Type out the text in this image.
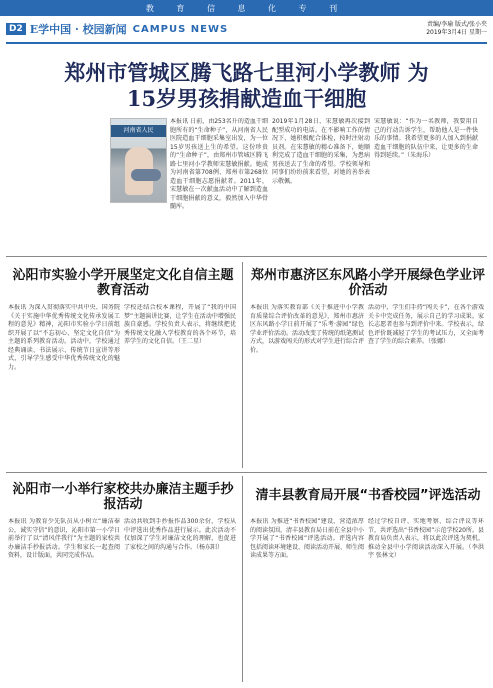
教 育 信 息 化 专 刊
D2 E学中国 · 校园新闻 CAMPUS NEWS	责编/李瑜 版式/张小夹
2019年3月4日 星期一
郑州市管城区腾飞路七里河小学教师 为15岁男孩捐献造血干细胞
河南省人民
本报讯 日前，由253名升的造血干细胞所有的“生命种子”，从河南省人民医院造血干细胞采集室出发，为一位15岁男孩送上生的希望。这份珍贵的“生命种子”，由郑州市管城区腾飞路七里河小学教师宋慧敏捐献。她成为河南省第708例、郑州市第268位造血干细胞志愿捐献者。2011年，宋慧敏在一次献血活动中了解到造血干细胞捐献的意义，毅然加入中华骨髓库。
2019年1月28日，宋慧敏再次接到配型成功的电话。在不影响工作的情况下，她积极配合体检，按时注射动员剂。在宋慧敏的精心准备下，她顺利完成了造血干细胞的采集，为患病男孩送去了生命的希望。学校领导和同事们纷纷前来看望，对她的善举表示敬佩。
宋慧敏说：“作为一名教师，我要用自己的行动告诉学生，帮助他人是一件快乐的事情。我希望更多的人加入到捐献造血干细胞的队伍中来，让更多的生命得到延续。”（朱海乐）
沁阳市实验小学开展坚定文化自信主题教育活动
本报讯 为深入贯彻落实中共中央、国务院《关于实施中华优秀传统文化传承发展工程的意见》精神，沁阳市实验小学日前组织开展了以“不忘初心、坚定文化自信”为主题的系列教育活动。活动中，学校通过经典诵读、书法展示、传统节日宣讲等形式，引导学生感受中华优秀传统文化的魅力。
学校还结合校本课程，开展了“我的中国梦”主题演讲比赛，让学生在活动中增强民族自豪感。学校负责人表示，将继续把优秀传统文化融入学校教育的各个环节，培养学生的文化自信。（王二星）
郑州市惠济区东风路小学开展绿色学业评价活动
本报讯 为落实教育部《关于推进中小学教育质量综合评价改革的意见》，郑州市惠济区东风路小学日前开展了“乐考·游园”绿色学业评价活动。活动改变了传统的纸笔测试方式，以游戏闯关的形式对学生进行综合评价。
活动中，学生们手持“闯关卡”，在各个游戏关卡中完成任务，展示自己的学习成果。家长志愿者也参与到评价中来。学校表示，绿色评价既减轻了学生的考试压力，又全面考查了学生的综合素养。（张娜）
沁阳市一小举行家校共办廉洁主题手抄报活动
本报讯 为教育少先队员从小树立“廉洁奉公，诚实守信”的意识，沁阳市第一小学日前举行了以“清风伴我行”为主题的家校共办廉洁手抄报活动。学生和家长一起查阅资料，设计版面，共同完成作品。
活动共收到手抄报作品300余份，学校从中评选出优秀作品进行展示。此次活动不仅加深了学生对廉洁文化的理解，也促进了家校之间的沟通与合作。（杨东阳）
清丰县教育局开展“书香校园”评选活动
本报讯 为推进“书香校园”建设，营造浓厚的阅读氛围，清丰县教育局日前在全县中小学开展了“书香校园”评选活动。评选内容包括阅读环境建设、阅读活动开展、师生阅读成果等方面。
经过学校自评、实地考察、综合评议等环节，共评选出“书香校园”示范学校20所。县教育局负责人表示，将以此次评选为契机，推动全县中小学阅读活动深入开展。（李洪宇 张林文）
